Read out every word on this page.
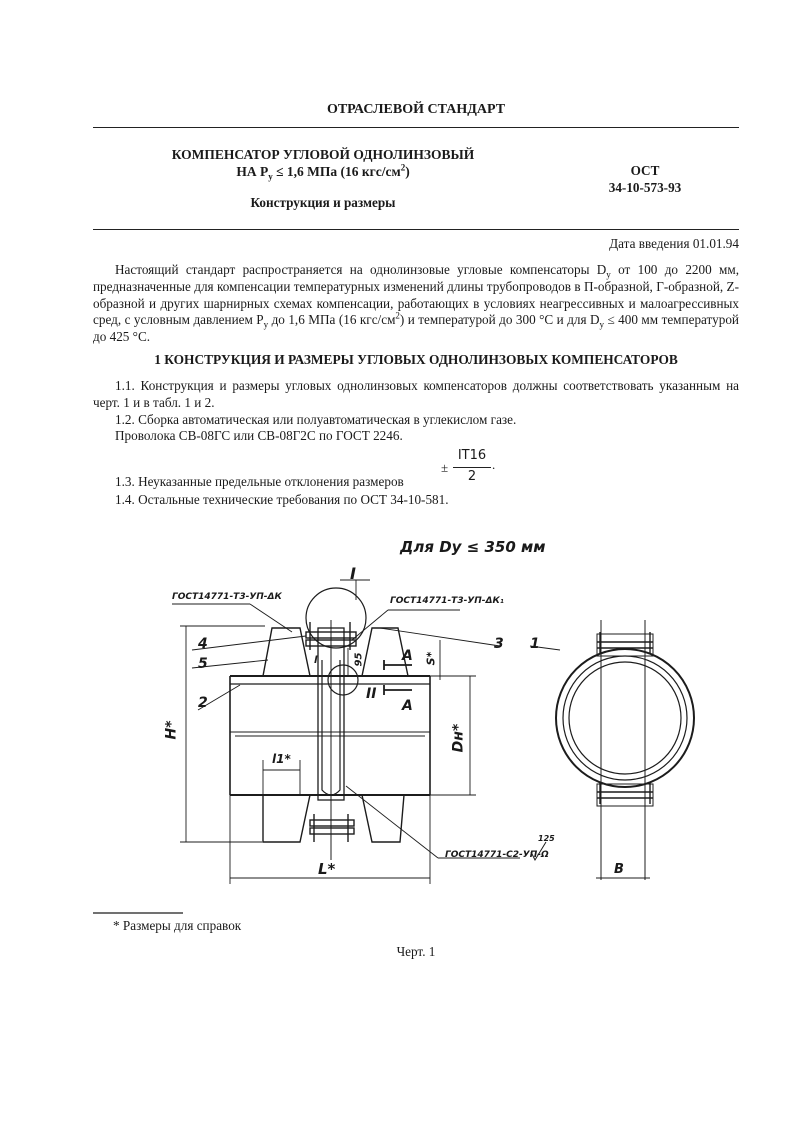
ОТРАСЛЕВОЙ СТАНДАРТ
КОМПЕНСАТОР УГЛОВОЙ ОДНОЛИНЗОВЫЙ
НА $P_у \le 1,6$ МПа (16 кгс/$см^2$)
Конструкция и размеры
ОСТ
34-10-573-93
Дата введения 01.01.94
Настоящий стандарт распространяется на однолинзовые угловые компенсаторы $D_у$ от 100 до 2200 мм, предназначенные для компенсации температурных изменений длины трубопроводов в П-образной, Г-образной, Z-образной и других шарнирных схемах компенсации, работающих в условиях неагрессивных и малоагрессивных сред, с условным давлением $P_у$ до 1,6 МПа (16 кгс/$см^2$) и температурой до 300 °С и для $D_у \le 400$ мм температурой до 425 °С.
1 КОНСТРУКЦИЯ И РАЗМЕРЫ УГЛОВЫХ ОДНОЛИНЗОВЫХ КОМПЕНСАТОРОВ
1.1. Конструкция и размеры угловых однолинзовых компенсаторов должны соответствовать указанным на черт. 1 и в табл. 1 и 2.
1.2. Сборка автоматическая или полуавтоматическая в углекислом газе.
Проволока СВ-08ГС или СВ-08Г2С по ГОСТ 2246.
1.3. Неуказанные предельные отклонения размеров
±
IT16
2
.
1.4. Остальные технические требования по ОСТ 34-10-581.
Для Dy ≤ 350 мм
ГОСТ14771-Т3-УП-ΔК	ГОСТ14771-Т3-УП-ΔК₁
ГОСТ14771-С2-УП-Ω
125
I
II
A
A
1
2
3
4
5
H*	Dн*
L*
l1*
S*
95
l
B
* Размеры для справок
Черт. 1
